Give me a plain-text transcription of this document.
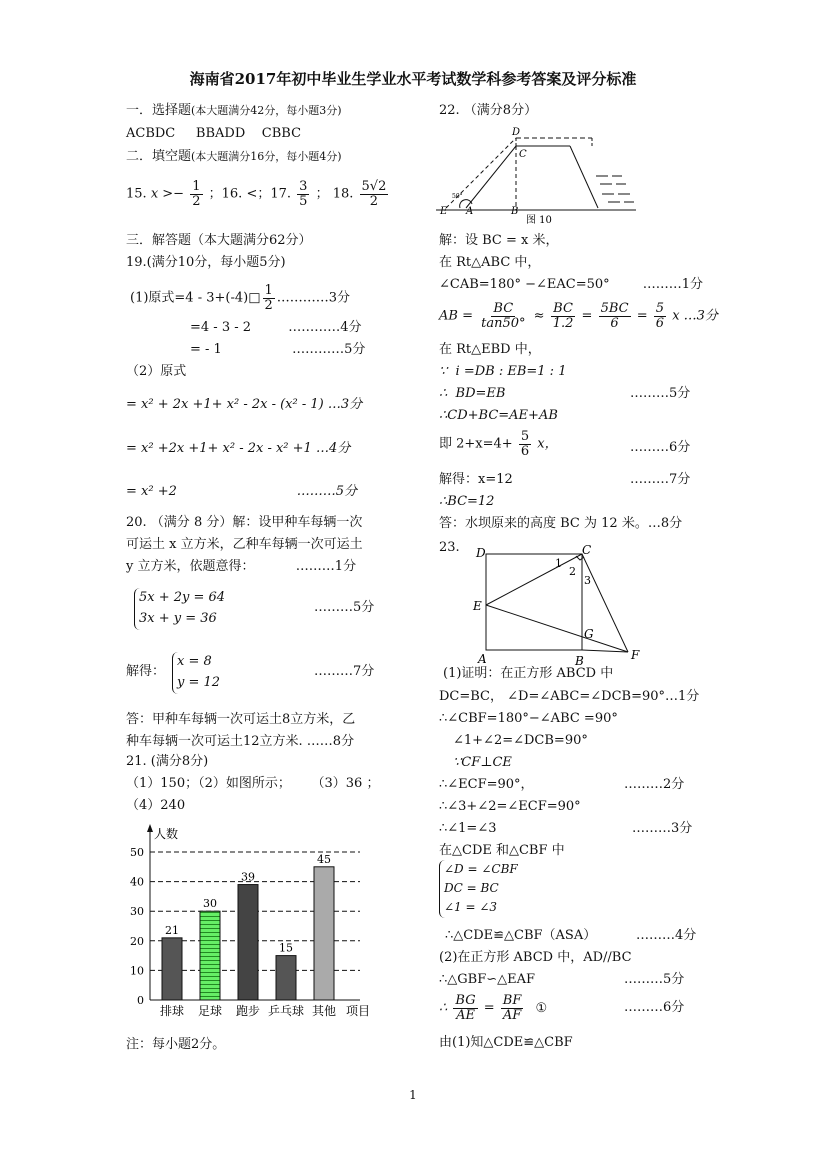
海南省2017年初中毕业生学业水平考试数学科参考答案及评分标准
一．选择题(本大题满分42分，每小题3分)
ACBDC     BBADD    CBBC
二．填空题(本大题满分16分，每小题4分)
15. $x >- \frac{1}{2}$ ；16. <；17. $\frac{3}{5}$ ； 18. $\frac{5√2}{2}$
三．解答题（本大题满分62分）
19.(满分10分，每小题5分)
(1)原式=4 - 3+(-4)□ $\frac{1}{2}$ …………3分
=4 - 3 - 2         …………4分
= - 1                 …………5分
（2）原式
= x² + 2x +1+ x² - 2x - (x² - 1) …3分
= x² +2x +1+ x² - 2x - x² +1 …4分
= x² +2                             ………5分
20. （满分 8 分）解：设甲种车每辆一次
可运土 x 立方米，乙种车每辆一次可运土
y 立方米，依题意得：          ………1分
5x + 2y = 64
3x + y = 36
………5分
解得：
x = 8
y = 12
………7分
答：甲种车每辆一次可运土8立方米，乙
种车每辆一次可运土12立方米. ……8分
21. (满分8分)
（1）150；（2）如图所示；     （3）36 ；
（4）240
0
10
20
30
40
50
21
排球
30
足球
39
跑步
15
乒乓球
45
其他
人数
项目
注：每小题2分。
22. （满分8分）
D
C
E A	B
50°
图 10
解：设 BC = x 米，
在 Rt△ABC 中，
∠CAB=180° −∠EAC=50°        ………1分
AB = $\frac{BC}{\tan 50^\circ} \approx \frac{BC}{1.2} = \frac{5BC}{6} = \frac{5}{6}$ x …3分
在 Rt△EBD 中，
∵  i =DB : EB=1 : 1
∴  BD=EB	………5分
∴CD+BC=AE+AB
即 $2+x=4+ \frac{5}{6}$ x，	………6分
解得：x=12	………7分
∴BC=12
答：水坝原来的高度 BC 为 12 米。…8分
23. D	C
E
A	B	F
G
1
2
3
(1)证明：在正方形 ABCD 中
DC=BC， ∠D=∠ABC=∠DCB=90°…1分
∴∠CBF=180°−∠ABC =90°
∠1+∠2=∠DCB=90°
∵CF⊥CE
∴∠ECF=90°，	………2分
∴∠3+∠2=∠ECF=90°
∴∠1=∠3	………3分
在△CDE 和△CBF 中
∠D = ∠CBF
DC = BC
∠1 = ∠3
∴△CDE≌△CBF（ASA）	………4分
(2)在正方形 ABCD 中，AD//BC
∴△GBF∽△EAF	………5分
∴ $\frac{BG}{AE} = \frac{BF}{AF}$ ①	………6分
由(1)知△CDE≌△CBF
1
